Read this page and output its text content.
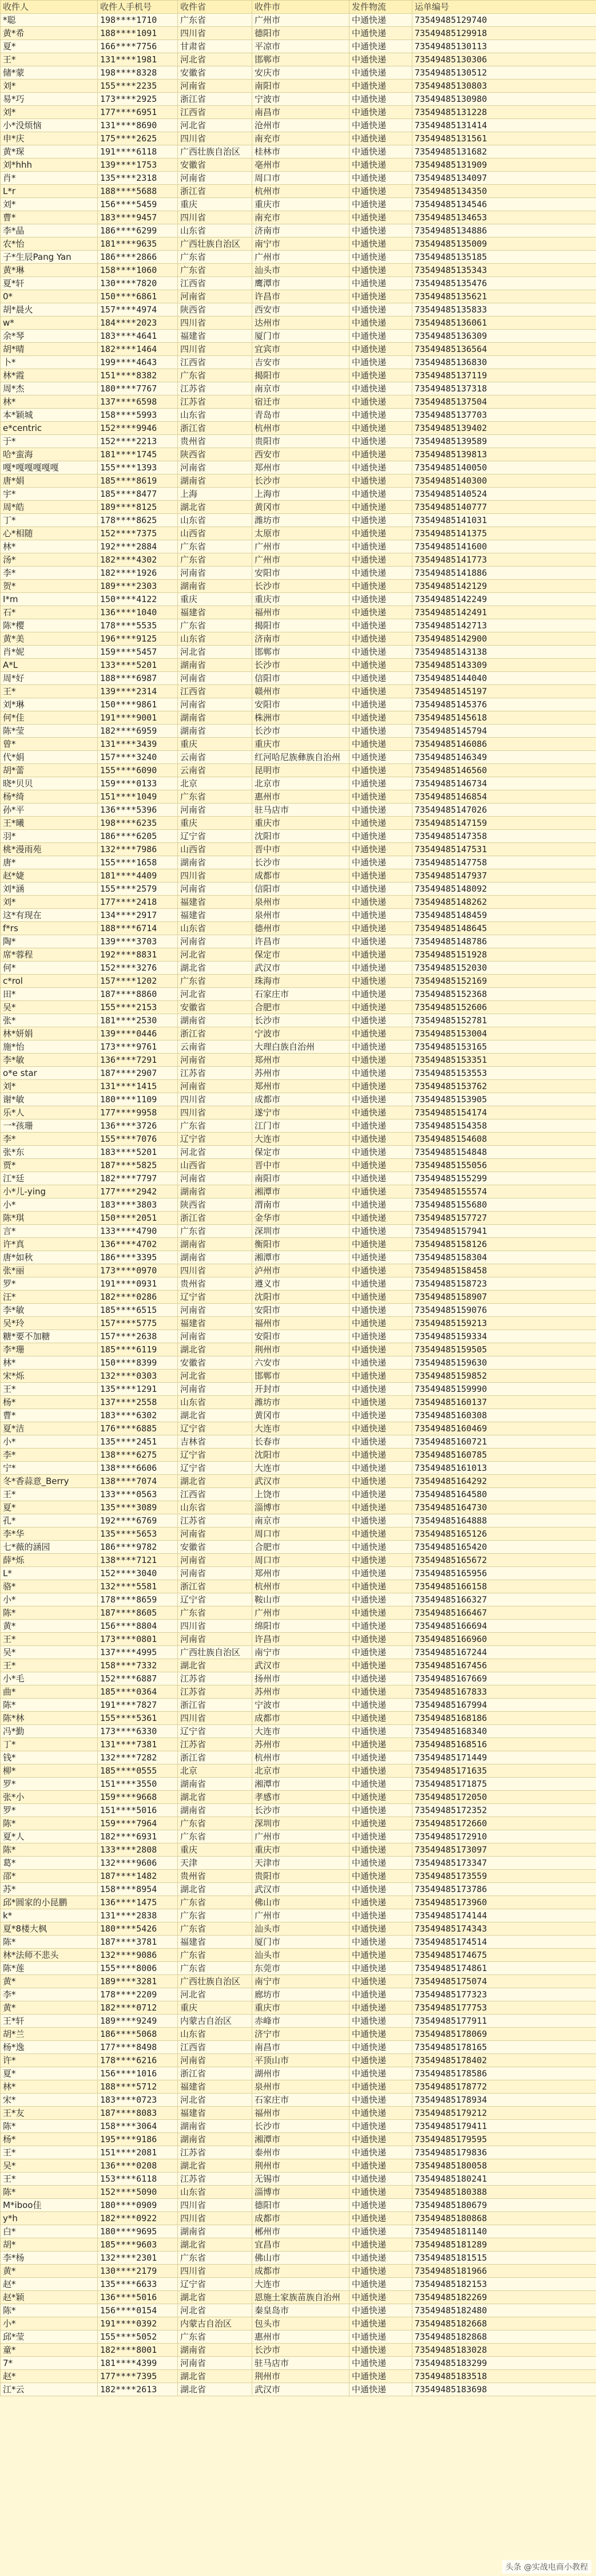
收件人	收件人手机号	收件省	收件市	发件物流	运单编号
*聪	198****1710	广东省	广州市	中通快递	73549485129740
黄*希	188****1091	四川省	德阳市	中通快递	73549485129918
夏*	166****7756	甘肃省	平凉市	中通快递	73549485130113
王*	131****1981	河北省	邯郸市	中通快递	73549485130306
储*蒙	198****8328	安徽省	安庆市	中通快递	73549485130512
刘*	155****2235	河南省	南阳市	中通快递	73549485130803
易*巧	173****2925	浙江省	宁波市	中通快递	73549485130980
刘*	177****6951	江西省	南昌市	中通快递	73549485131228
小*没烦恼	131****8690	河北省	沧州市	中通快递	73549485131414
申*庆	175****2625	四川省	南充市	中通快递	73549485131561
黄*琛	191****6118	广西壮族自治区	桂林市	中通快递	73549485131682
刘*hhh	139****1753	安徽省	亳州市	中通快递	73549485131909
肖*	135****2318	河南省	周口市	中通快递	73549485134097
L*r	188****5688	浙江省	杭州市	中通快递	73549485134350
刘*	156****5459	重庆	重庆市	中通快递	73549485134546
曹*	183****9457	四川省	南充市	中通快递	73549485134653
李*晶	186****6299	山东省	济南市	中通快递	73549485134886
农*怡	181****9635	广西壮族自治区	南宁市	中通快递	73549485135009
子*生辰Pang Yan	186****2866	广东省	广州市	中通快递	73549485135185
黄*琳	158****1060	广东省	汕头市	中通快递	73549485135343
夏*轩	130****7820	江西省	鹰潭市	中通快递	73549485135476
0*	150****6861	河南省	许昌市	中通快递	73549485135621
胡*晨火	157****4974	陕西省	西安市	中通快递	73549485135833
w*	184****2023	四川省	达州市	中通快递	73549485136061
余*琴	183****4641	福建省	厦门市	中通快递	73549485136309
胡*晴	182****1464	四川省	宜宾市	中通快递	73549485136564
卜*	199****4643	江西省	吉安市	中通快递	73549485136830
林*霞	151****8382	广东省	揭阳市	中通快递	73549485137119
周*杰	180****7767	江苏省	南京市	中通快递	73549485137318
林*	137****6598	江苏省	宿迁市	中通快递	73549485137504
本*颖城	158****5993	山东省	青岛市	中通快递	73549485137703
e*centric	152****9946	浙江省	杭州市	中通快递	73549485139402
于*	152****2213	贵州省	贵阳市	中通快递	73549485139589
哈*蛮海	181****1745	陕西省	西安市	中通快递	73549485139813
嘎*嘎嘎嘎嘎嘎	155****1393	河南省	郑州市	中通快递	73549485140050
唐*娟	185****8619	湖南省	长沙市	中通快递	73549485140300
宇*	185****8477	上海	上海市	中通快递	73549485140524
周*皓	189****8125	湖北省	黄冈市	中通快递	73549485140777
丁*	178****8625	山东省	潍坊市	中通快递	73549485141031
心*相随	152****7375	山西省	太原市	中通快递	73549485141375
林*	192****2884	广东省	广州市	中通快递	73549485141600
汤*	182****4302	广东省	广州市	中通快递	73549485141773
李*	182****1926	河南省	安阳市	中通快递	73549485141886
贺*	189****2303	湖南省	长沙市	中通快递	73549485142129
I*m	150****4122	重庆	重庆市	中通快递	73549485142249
石*	136****1040	福建省	福州市	中通快递	73549485142491
陈*樱	178****5535	广东省	揭阳市	中通快递	73549485142713
黄*美	196****9125	山东省	济南市	中通快递	73549485142900
肖*妮	159****5457	河北省	邯郸市	中通快递	73549485143138
A*L	133****5201	湖南省	长沙市	中通快递	73549485143309
周*好	188****6987	河南省	信阳市	中通快递	73549485144040
王*	139****2314	江西省	赣州市	中通快递	73549485145197
刘*琳	150****9861	河南省	安阳市	中通快递	73549485145376
何*佳	191****9001	湖南省	株洲市	中通快递	73549485145618
陈*莹	182****6959	湖南省	长沙市	中通快递	73549485145794
曾*	131****3439	重庆	重庆市	中通快递	73549485146086
代*娟	157****3240	云南省	红河哈尼族彝族自治州	中通快递	73549485146349
胡*蕾	155****6090	云南省	昆明市	中通快递	73549485146560
晓*贝贝	159****0133	北京	北京市	中通快递	73549485146734
杨*绮	151****1049	广东省	惠州市	中通快递	73549485146854
孙*平	136****5396	河南省	驻马店市	中通快递	73549485147026
王*曦	198****6235	重庆	重庆市	中通快递	73549485147159
羽*	186****6205	辽宁省	沈阳市	中通快递	73549485147358
桃*漫雨苑	132****7986	山西省	晋中市	中通快递	73549485147531
唐*	155****1658	湖南省	长沙市	中通快递	73549485147758
赵*婕	181****4409	四川省	成都市	中通快递	73549485147937
刘*涵	155****2579	河南省	信阳市	中通快递	73549485148092
刘*	177****2418	福建省	泉州市	中通快递	73549485148262
这*有现在	134****2917	福建省	泉州市	中通快递	73549485148459
f*rs	188****6714	山东省	德州市	中通快递	73549485148645
陶*	139****3703	河南省	许昌市	中通快递	73549485148786
席*蓉程	192****8831	河北省	保定市	中通快递	73549485151928
何*	152****3276	湖北省	武汉市	中通快递	73549485152030
c*rol	157****1202	广东省	珠海市	中通快递	73549485152169
田*	187****8860	河北省	石家庄市	中通快递	73549485152368
吴*	155****2153	安徽省	合肥市	中通快递	73549485152606
张*	181****2530	湖南省	长沙市	中通快递	73549485152781
林*妍娟	139****0446	浙江省	宁波市	中通快递	73549485153004
施*怡	173****9761	云南省	大理白族自治州	中通快递	73549485153165
李*敏	136****7291	河南省	郑州市	中通快递	73549485153351
o*e star	187****2907	江苏省	苏州市	中通快递	73549485153553
刘*	131****1415	河南省	郑州市	中通快递	73549485153762
谢*敏	180****1109	四川省	成都市	中通快递	73549485153905
乐*人	177****9958	四川省	遂宁市	中通快递	73549485154174
一*孩珊	136****3726	广东省	江门市	中通快递	73549485154358
李*	155****7076	辽宁省	大连市	中通快递	73549485154608
张*东	183****5201	河北省	保定市	中通快递	73549485154848
贾*	187****5825	山西省	晋中市	中通快递	73549485155056
江*廷	182****7797	河南省	南阳市	中通快递	73549485155299
小*儿-ying	177****2942	湖南省	湘潭市	中通快递	73549485155574
小*	183****3803	陕西省	渭南市	中通快递	73549485155680
陈*琪	150****2051	浙江省	金华市	中通快递	73549485157727
言*	133****4790	广东省	深圳市	中通快递	73549485157941
许*真	136****4702	湖南省	衡阳市	中通快递	73549485158126
唐*如秋	186****3395	湖南省	湘潭市	中通快递	73549485158304
张*丽	173****0970	四川省	泸州市	中通快递	73549485158458
罗*	191****0931	贵州省	遵义市	中通快递	73549485158723
汪*	182****0286	辽宁省	沈阳市	中通快递	73549485158907
李*敏	185****6515	河南省	安阳市	中通快递	73549485159076
吴*玲	157****5775	福建省	福州市	中通快递	73549485159213
糖*要不加糖	157****2638	河南省	安阳市	中通快递	73549485159334
李*珊	185****6119	湖北省	荆州市	中通快递	73549485159505
林*	150****8399	安徽省	六安市	中通快递	73549485159630
宋*烁	132****0303	河北省	邯郸市	中通快递	73549485159852
王*	135****1291	河南省	开封市	中通快递	73549485159990
杨*	137****2558	山东省	潍坊市	中通快递	73549485160137
曹*	183****6302	湖北省	黄冈市	中通快递	73549485160308
夏*洁	176****6885	辽宁省	大连市	中通快递	73549485160469
小*	135****2451	吉林省	长春市	中通快递	73549485160721
李*	138****6275	辽宁省	沈阳市	中通快递	73549485160785
宁*	138****6606	辽宁省	大连市	中通快递	73549485161013
冬*香蒜意_Berry	138****7074	湖北省	武汉市	中通快递	73549485164292
王*	133****0563	江西省	上饶市	中通快递	73549485164580
夏*	135****3089	山东省	淄博市	中通快递	73549485164730
孔*	192****6769	江苏省	南京市	中通快递	73549485164888
李*华	135****5653	河南省	周口市	中通快递	73549485165126
七*薇的涵园	186****9782	安徽省	合肥市	中通快递	73549485165420
薛*烁	138****7121	河南省	周口市	中通快递	73549485165672
L*	152****3040	河南省	郑州市	中通快递	73549485165956
骆*	132****5581	浙江省	杭州市	中通快递	73549485166158
小*	178****8659	辽宁省	鞍山市	中通快递	73549485166327
陈*	187****8605	广东省	广州市	中通快递	73549485166467
黄*	156****8804	四川省	绵阳市	中通快递	73549485166694
王*	173****0801	河南省	许昌市	中通快递	73549485166960
吴*	137****4995	广西壮族自治区	南宁市	中通快递	73549485167244
王*	158****7332	湖北省	武汉市	中通快递	73549485167456
小*毛	152****6887	江苏省	扬州市	中通快递	73549485167669
曲*	185****0364	江苏省	苏州市	中通快递	73549485167833
陈*	191****7827	浙江省	宁波市	中通快递	73549485167994
陈*林	155****5361	四川省	成都市	中通快递	73549485168186
冯*勤	173****6330	辽宁省	大连市	中通快递	73549485168340
丁*	131****7381	江苏省	苏州市	中通快递	73549485168516
钱*	132****7282	浙江省	杭州市	中通快递	73549485171449
柳*	185****0555	北京	北京市	中通快递	73549485171635
罗*	151****3550	湖南省	湘潭市	中通快递	73549485171875
张*小	159****9668	湖北省	孝感市	中通快递	73549485172050
罗*	151****5016	湖南省	长沙市	中通快递	73549485172352
陈*	159****7964	广东省	深圳市	中通快递	73549485172660
夏*人	182****6931	广东省	广州市	中通快递	73549485172910
陈*	133****2808	重庆	重庆市	中通快递	73549485173097
葛*	132****9606	天津	天津市	中通快递	73549485173347
邵*	187****1482	贵州省	贵阳市	中通快递	73549485173559
苏*	158****8954	湖北省	武汉市	中通快递	73549485173786
邱*圆家的小昆鹏	136****1475	广东省	佛山市	中通快递	73549485173960
k*	131****2838	广东省	广州市	中通快递	73549485174144
夏*8楼大枫	180****5426	广东省	汕头市	中通快递	73549485174343
陈*	187****3781	福建省	厦门市	中通快递	73549485174514
林*法师不悲头	132****9086	广东省	汕头市	中通快递	73549485174675
陈*莲	155****8006	广东省	东莞市	中通快递	73549485174861
黄*	189****3281	广西壮族自治区	南宁市	中通快递	73549485175074
李*	178****2209	河北省	廊坊市	中通快递	73549485177323
黄*	182****0712	重庆	重庆市	中通快递	73549485177753
王*轩	189****9249	内蒙古自治区	赤峰市	中通快递	73549485177911
胡*兰	186****5068	山东省	济宁市	中通快递	73549485178069
杨*逸	177****8498	江西省	南昌市	中通快递	73549485178165
许*	178****6216	河南省	平顶山市	中通快递	73549485178402
夏*	156****1016	浙江省	湖州市	中通快递	73549485178586
林*	188****5712	福建省	泉州市	中通快递	73549485178772
宋*	183****0723	河北省	石家庄市	中通快递	73549485178934
王*友	187****8083	福建省	福州市	中通快递	73549485179212
陈*	158****3064	湖南省	长沙市	中通快递	73549485179411
杨*	195****9186	湖南省	湘潭市	中通快递	73549485179595
王*	151****2081	江苏省	泰州市	中通快递	73549485179836
吴*	136****0208	湖北省	荆州市	中通快递	73549485180058
王*	153****6118	江苏省	无锡市	中通快递	73549485180241
陈*	152****5090	山东省	淄博市	中通快递	73549485180388
M*iboo佳	180****0909	四川省	德阳市	中通快递	73549485180679
y*h	182****0922	四川省	成都市	中通快递	73549485180868
白*	180****9695	湖南省	郴州市	中通快递	73549485181140
胡*	185****9603	湖北省	宜昌市	中通快递	73549485181289
李*杨	132****2301	广东省	佛山市	中通快递	73549485181515
黄*	130****2179	四川省	成都市	中通快递	73549485181966
赵*	135****6633	辽宁省	大连市	中通快递	73549485182153
赵*颖	136****5016	湖北省	恩施土家族苗族自治州	中通快递	73549485182269
陈*	156****0154	河北省	秦皇岛市	中通快递	73549485182480
小*	191****0392	内蒙古自治区	包头市	中通快递	73549485182668
邱*莹	155****5052	广东省	惠州市	中通快递	73549485182868
童*	182****8001	湖南省	长沙市	中通快递	73549485183028
7*	181****4399	河南省	驻马店市	中通快递	73549485183299
赵*	177****7395	湖北省	荆州市	中通快递	73549485183518
江*云	182****2613	湖北省	武汉市	中通快递	73549485183698
头条 @实战电商小教程
